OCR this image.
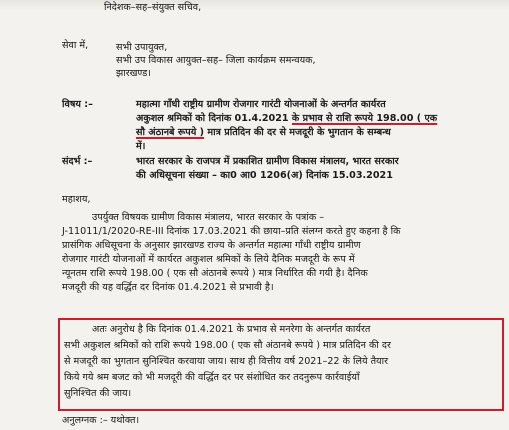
निदेशक–सह–संयुक्त सचिव,
सेवा में,	सभी उपायुक्त,
सभी उप विकास आयुक्त–सह– जिला कार्यक्रम समन्वयक,
झारखण्ड।
विषय :–	महात्मा गाँधी राष्ट्रीय ग्रामीण रोजगार गारंटी योजनाओं के अन्तर्गत कार्यरत
अकुशल श्रमिकों को दिनांक 01.4.2021 के प्रभाव से राशि रूपये 198.00 ( एक
सौ अंठानबे रूपये ) मात्र प्रतिदिन की दर से मजदूरी के भुगतान के सम्बन्ध
में।
संदर्भ :–	भारत सरकार के राजपत्र में प्रकाशित ग्रामीण विकास मंत्रालय, भारत सरकार
की अधिसूचना संख्या – का0 आ0 1206(अ) दिनांक 15.03.2021
महाशय,
उपर्युक्त विषयक ग्रामीण विकास मंत्रालय, भारत सरकार के पत्रांक –
J-11011/1/2020-RE-III दिनांक 17.03.2021 की छाया–प्रति संलग्न करते हुए कहना है कि
प्रासंगिक अधिसूचना के अनुसार झारखण्ड राज्य के अन्तर्गत महात्मा गाँधी राष्ट्रीय ग्रामीण
रोजगार गारंटी योजनाओं में कार्यरत अकुशल श्रमिकों के लिये दैनिक मजदूरी के रूप में
न्यूनतम राशि रूपये 198.00 ( एक सौ अंठानबे रूपये ) मात्र निर्धारित की गयी है। दैनिक
मजदूरी की यह वर्द्धित दर दिनांक 01.4.2021 से प्रभावी है।
अतः अनुरोध है कि दिनांक 01.4.2021 के प्रभाव से मनरेगा के अन्तर्गत कार्यरत
सभी अकुशल श्रमिकों को राशि रूपये 198.00 ( एक सौ अंठानबे रूपये ) मात्र प्रतिदिन की दर
से मजदूरी का भुगतान सुनिश्चित करवाया जाय। साथ ही वित्तीय वर्ष 2021–22 के लिये तैयार
किये गये श्रम बजट को भी मजदूरी की वर्द्धित दर पर संशोधित कर तदनुरूप कार्रवाईयाँ
सुनिश्चित की जाय।
अनुलग्नक :– यथोक्त।
